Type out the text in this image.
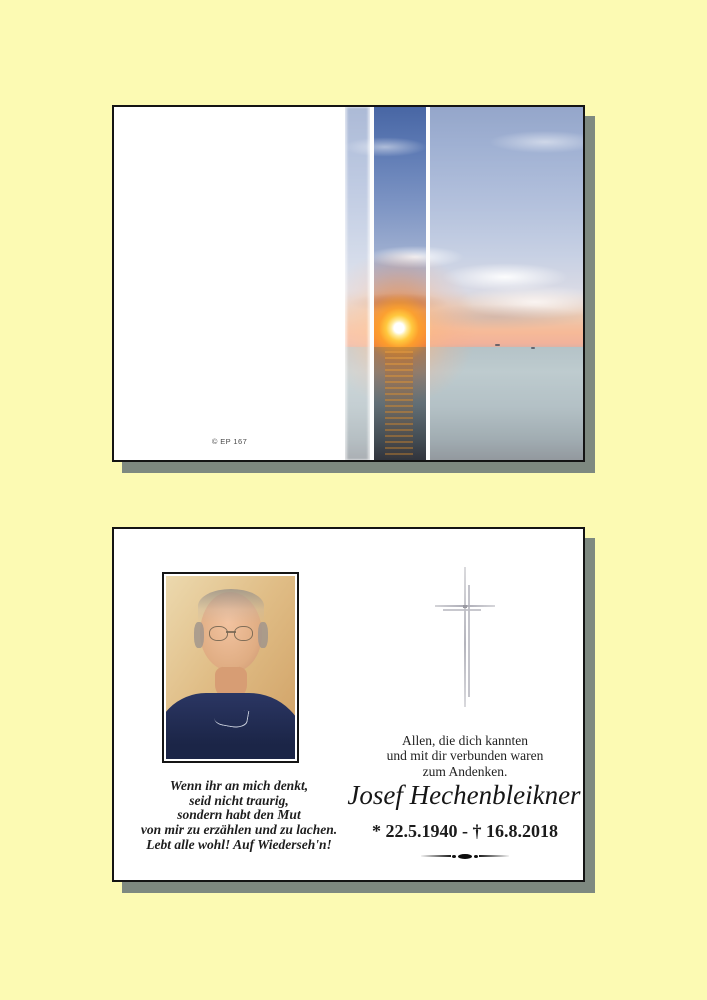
© EP 167
Wenn ihr an mich denkt,
seid nicht traurig,
sondern habt den Mut
von mir zu erzählen und zu lachen.
Lebt alle wohl! Auf Wiederseh'n!
Allen, die dich kannten
und mit dir verbunden waren
zum Andenken.
Josef Hechenbleikner
* 22.5.1940 - † 16.8.2018
